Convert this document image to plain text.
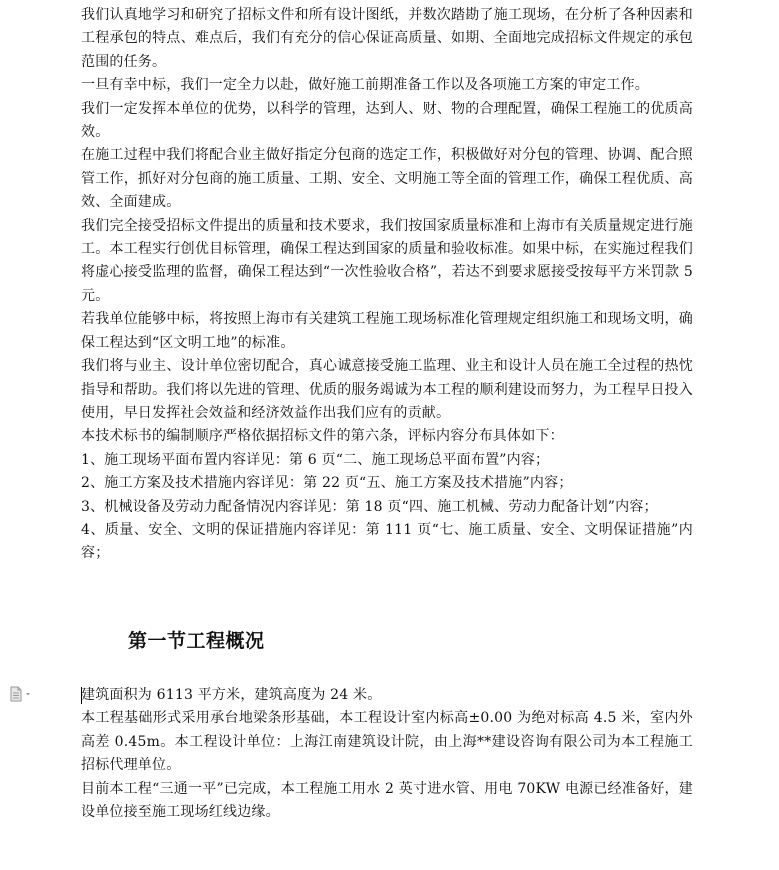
我们认真地学习和研究了招标文件和所有设计图纸，并数次踏勘了施工现场，在分析了各种因素和工程承包的特点、难点后，我们有充分的信心保证高质量、如期、全面地完成招标文件规定的承包范围的任务。

一旦有幸中标，我们一定全力以赴，做好施工前期准备工作以及各项施工方案的审定工作。

我们一定发挥本单位的优势，以科学的管理，达到人、财、物的合理配置，确保工程施工的优质高效。

在施工过程中我们将配合业主做好指定分包商的选定工作，积极做好对分包的管理、协调、配合照管工作，抓好对分包商的施工质量、工期、安全、文明施工等全面的管理工作，确保工程优质、高效、全面建成。

我们完全接受招标文件提出的质量和技术要求，我们按国家质量标准和上海市有关质量规定进行施工。本工程实行创优目标管理，确保工程达到国家的质量和验收标准。如果中标，在实施过程我们将虚心接受监理的监督，确保工程达到“一次性验收合格”，若达不到要求愿接受按每平方米罚款 5 元。

若我单位能够中标，将按照上海市有关建筑工程施工现场标准化管理规定组织施工和现场文明，确保工程达到“区文明工地”的标准。

我们将与业主、设计单位密切配合，真心诚意接受施工监理、业主和设计人员在施工全过程的热忱指导和帮助。我们将以先进的管理、优质的服务竭诚为本工程的顺利建设而努力，为工程早日投入使用，早日发挥社会效益和经济效益作出我们应有的贡献。

本技术标书的编制顺序严格依据招标文件的第六条，评标内容分布具体如下：

1、施工现场平面布置内容详见：第 6 页“二、施工现场总平面布置”内容；

2、施工方案及技术措施内容详见：第 22 页“五、施工方案及技术措施”内容；

3、机械设备及劳动力配备情况内容详见：第 18 页“四、施工机械、劳动力配备计划”内容；

4、质量、安全、文明的保证措施内容详见：第 111 页“七、施工质量、安全、文明保证措施”内容；

第一节工程概况

建筑面积为 6113 平方米，建筑高度为 24 米。

本工程基础形式采用承台地梁条形基础，本工程设计室内标高±0.00 为绝对标高 4.5 米，室内外高差 0.45m。本工程设计单位：上海江南建筑设计院，由上海**建设咨询有限公司为本工程施工招标代理单位。

目前本工程“三通一平”已完成，本工程施工用水 2 英寸进水管、用电 70KW 电源已经准备好，建设单位接至施工现场红线边缘。
